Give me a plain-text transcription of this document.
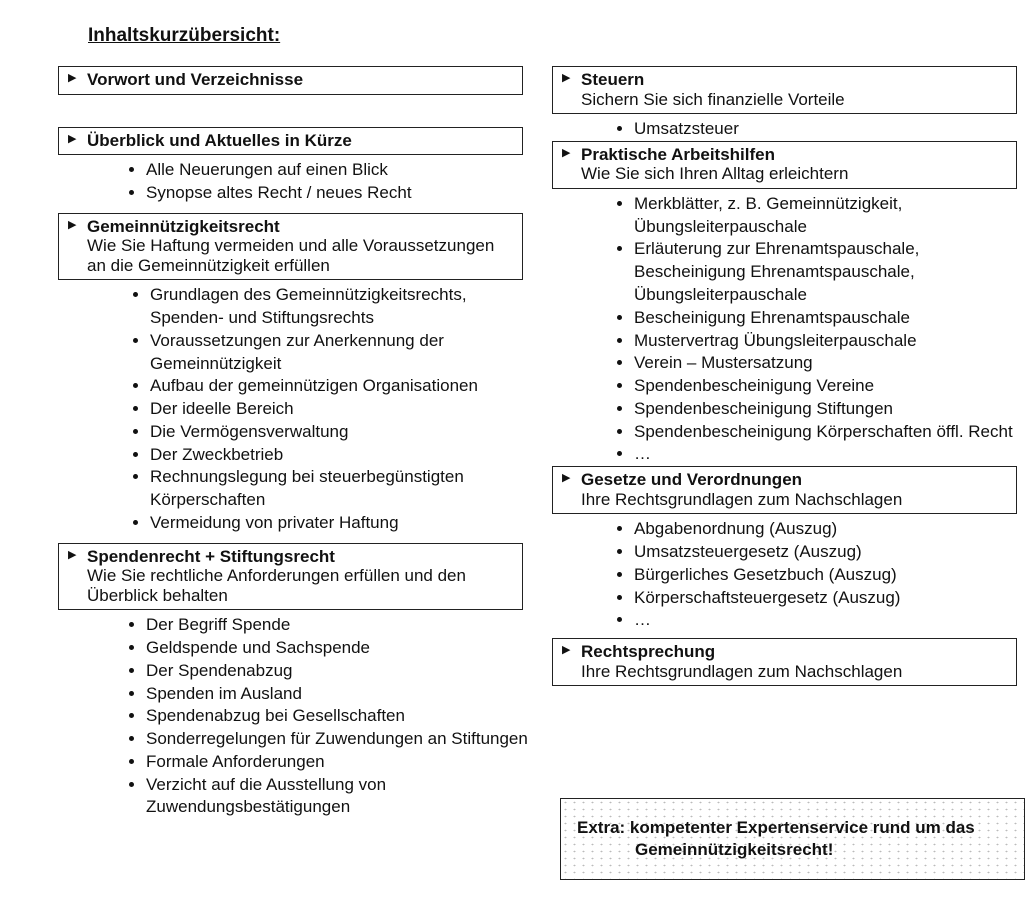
Inhaltskurzübersicht:
▶ Vorwort und Verzeichnisse
▶ Überblick und Aktuelles in Kürze
• Alle Neuerungen auf einen Blick
• Synopse altes Recht / neues Recht
▶ Gemeinnützigkeitsrecht
Wie Sie Haftung vermeiden und alle Voraussetzungen an die Gemeinnützigkeit erfüllen
• Grundlagen des Gemeinnützigkeitsrechts, Spenden- und Stiftungsrechts
• Voraussetzungen zur Anerkennung der Gemeinnützigkeit
• Aufbau der gemeinnützigen Organisationen
• Der ideelle Bereich
• Die Vermögensverwaltung
• Der Zweckbetrieb
• Rechnungslegung bei steuerbegünstigten Körperschaften
• Vermeidung von privater Haftung
▶ Spendenrecht + Stiftungsrecht
Wie Sie rechtliche Anforderungen erfüllen und den Überblick behalten
• Der Begriff Spende
• Geldspende und Sachspende
• Der Spendenabzug
• Spenden im Ausland
• Spendenabzug bei Gesellschaften
• Sonderregelungen für Zuwendungen an Stiftungen
• Formale Anforderungen
• Verzicht auf die Ausstellung von Zuwendungsbestätigungen
▶ Steuern
Sichern Sie sich finanzielle Vorteile
• Umsatzsteuer
▶ Praktische Arbeitshilfen
Wie Sie sich Ihren Alltag erleichtern
• Merkblätter, z. B. Gemeinnützigkeit, Übungsleiterpauschale
• Erläuterung zur Ehrenamtspauschale, Bescheinigung Ehrenamtspauschale, Übungsleiterpauschale
• Bescheinigung Ehrenamtspauschale
• Mustervertrag Übungsleiterpauschale
• Verein – Mustersatzung
• Spendenbescheinigung Vereine
• Spendenbescheinigung Stiftungen
• Spendenbescheinigung Körperschaften öffl. Recht
• …
▶ Gesetze und Verordnungen
Ihre Rechtsgrundlagen zum Nachschlagen
• Abgabenordnung (Auszug)
• Umsatzsteuergesetz (Auszug)
• Bürgerliches Gesetzbuch (Auszug)
• Körperschaftsteuergesetz (Auszug)
• …
▶ Rechtsprechung
Ihre Rechtsgrundlagen zum Nachschlagen
Extra: kompetenter Expertenservice rund um das
Gemeinnützigkeitsrecht!
